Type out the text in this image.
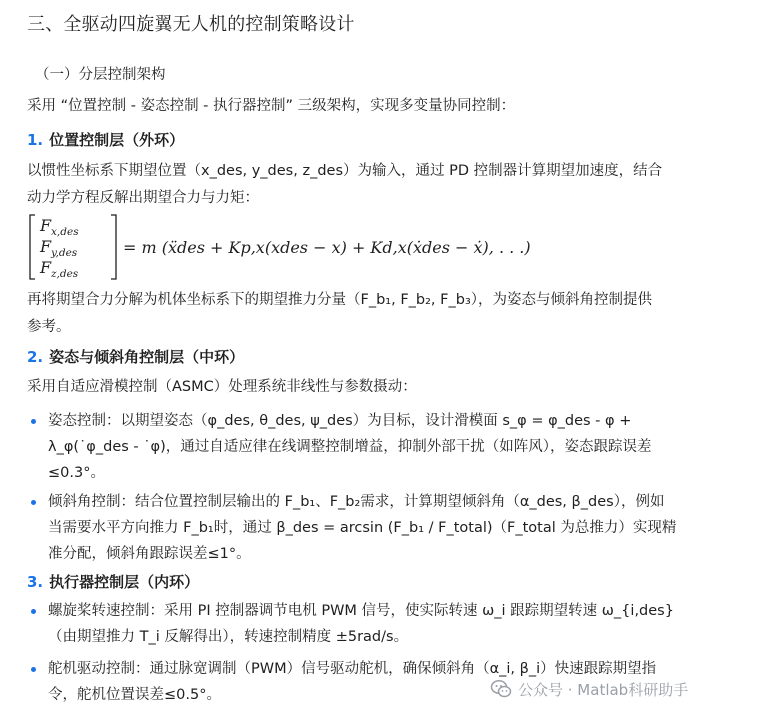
三、全驱动四旋翼无人机的控制策略设计
（一）分层控制架构
采用 “位置控制 - 姿态控制 - 执行器控制” 三级架构，实现多变量协同控制：
1. 位置控制层（外环）
以惯性坐标系下期望位置（x_des, y_des, z_des）为输入，通过 PD 控制器计算期望加速度，结合
动力学方程反解出期望合力与力矩：
F x,des
F y,des
F z,des
= m (ẍdes + Kp,x(xdes − x) + Kd,x(ẋdes − ẋ), . . .)
再将期望合力分解为机体坐标系下的期望推力分量（F_b₁, F_b₂, F_b₃），为姿态与倾斜角控制提供
参考。
2. 姿态与倾斜角控制层（中环）
采用自适应滑模控制（ASMC）处理系统非线性与参数摄动：
姿态控制：以期望姿态（φ_des, θ_des, ψ_des）为目标，设计滑模面 s_φ = φ_des - φ +
λ_φ(˙φ_des - ˙φ)，通过自适应律在线调整控制增益，抑制外部干扰（如阵风），姿态跟踪误差
≤0.3°。
倾斜角控制：结合位置控制层输出的 F_b₁、F_b₂需求，计算期望倾斜角（α_des, β_des），例如
当需要水平方向推力 F_b₁时，通过 β_des = arcsin (F_b₁ / F_total)（F_total 为总推力）实现精
准分配，倾斜角跟踪误差≤1°。
3. 执行器控制层（内环）
螺旋桨转速控制：采用 PI 控制器调节电机 PWM 信号，使实际转速 ω_i 跟踪期望转速 ω_{i,des}
（由期望推力 T_i 反解得出），转速控制精度 ±5rad/s。
舵机驱动控制：通过脉宽调制（PWM）信号驱动舵机，确保倾斜角（α_i, β_i）快速跟踪期望指
令，舵机位置误差≤0.5°。	公众号 · Matlab科研助手
